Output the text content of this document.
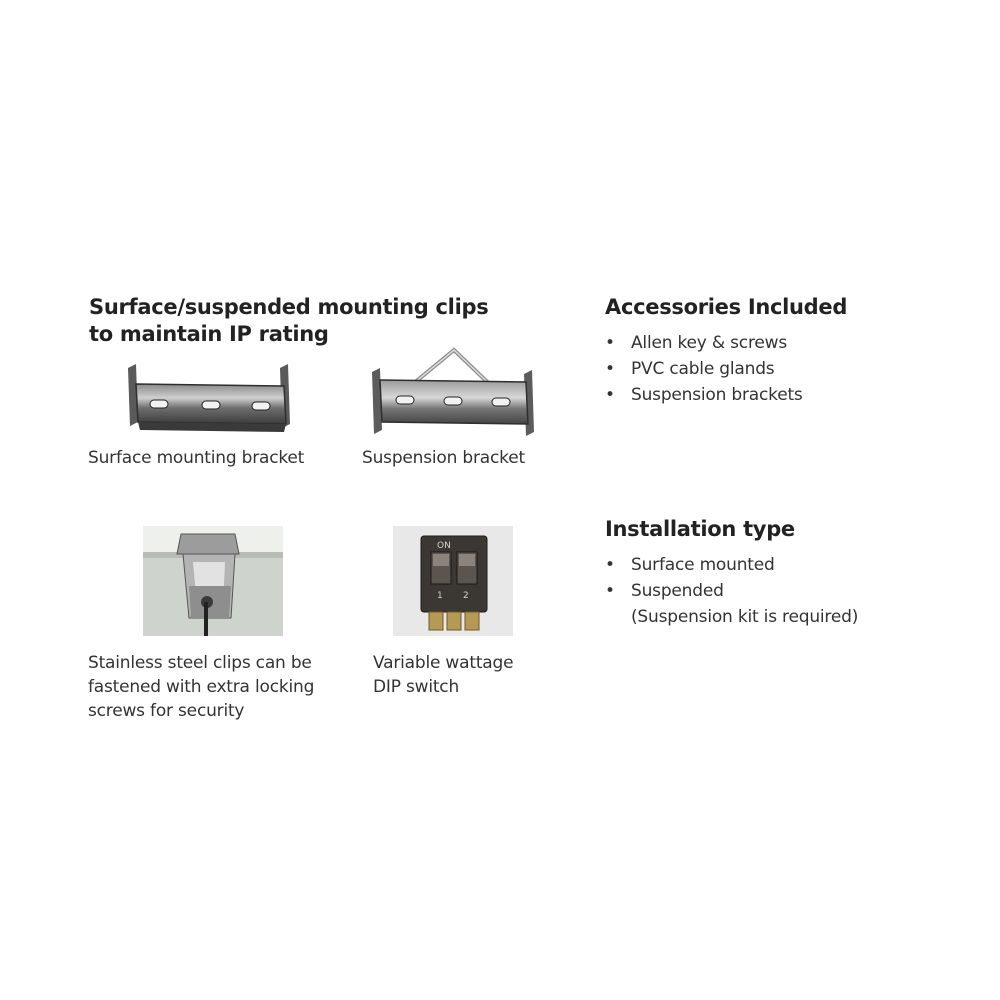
Surface/suspended mounting clips
to maintain IP rating
Surface mounting bracket	Suspension bracket
Stainless steel clips can be
fastened with extra locking
screws for security
ON
1 2
Variable wattage
DIP switch
Accessories Included
• Allen key & screws
• PVC cable glands
• Suspension brackets
Installation type
• Surface mounted
• Suspended
(Suspension kit is required)
